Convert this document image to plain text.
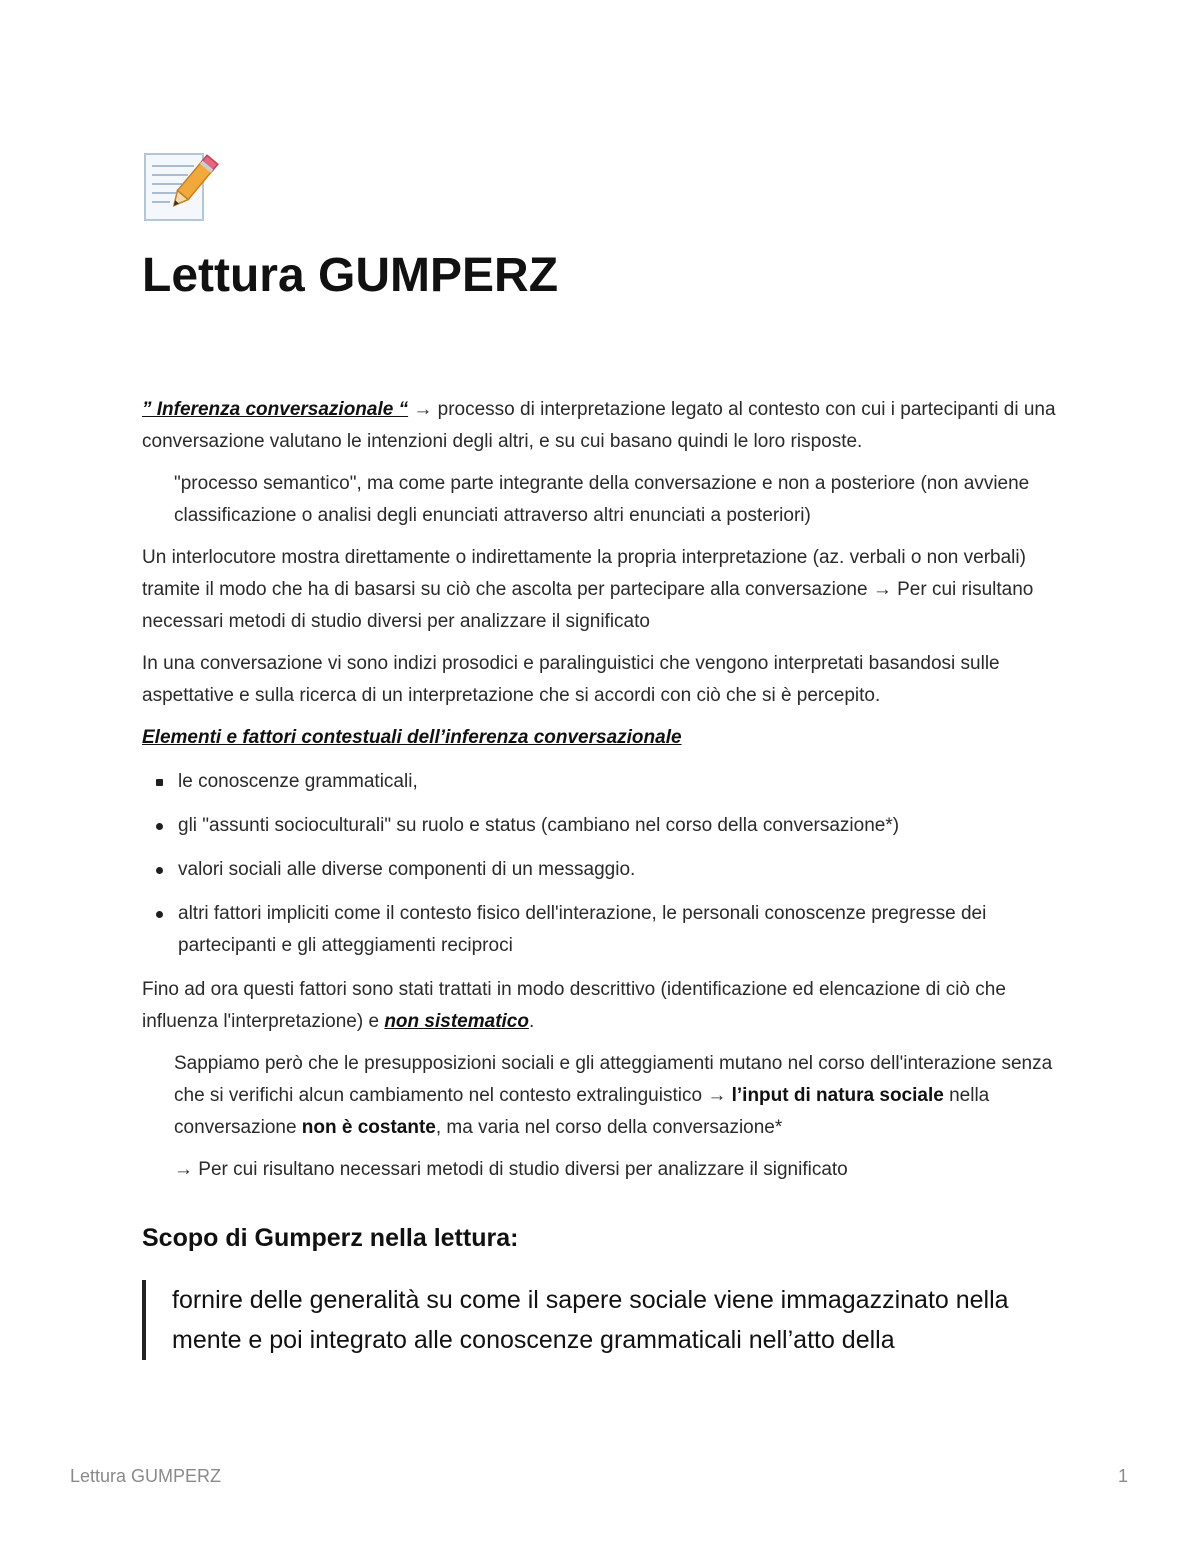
Lettura GUMPERZ

” Inferenza conversazionale “ → processo di interpretazione legato al contesto con cui i partecipanti di una conversazione valutano le intenzioni degli altri, e su cui basano quindi le loro risposte.

"processo semantico", ma come parte integrante della conversazione e non a posteriore (non avviene classificazione o analisi degli enunciati attraverso altri enunciati a posteriori)

Un interlocutore mostra direttamente o indirettamente la propria interpretazione (az. verbali o non verbali) tramite il modo che ha di basarsi su ciò che ascolta per partecipare alla conversazione → Per cui risultano necessari metodi di studio diversi per analizzare il significato

In una conversazione vi sono indizi prosodici e paralinguistici che vengono interpretati basandosi sulle aspettative e sulla ricerca di un interpretazione che si accordi con ciò che si è percepito.

Elementi e fattori contestuali dell’inferenza conversazionale

le conoscenze grammaticali,
gli "assunti socioculturali" su ruolo e status (cambiano nel corso della conversazione*)
valori sociali alle diverse componenti di un messaggio.
altri fattori impliciti come il contesto fisico dell'interazione, le personali conoscenze pregresse dei partecipanti e gli atteggiamenti reciproci

Fino ad ora questi fattori sono stati trattati in modo descrittivo (identificazione ed elencazione di ciò che influenza l'interpretazione) e non sistematico.

Sappiamo però che le presupposizioni sociali e gli atteggiamenti mutano nel corso dell'interazione senza che si verifichi alcun cambiamento nel contesto extralinguistico → l’input di natura sociale nella conversazione non è costante, ma varia nel corso della conversazione*

→ Per cui risultano necessari metodi di studio diversi per analizzare il significato

Scopo di Gumperz nella lettura:

fornire delle generalità su come il sapere sociale viene immagazzinato nella mente e poi integrato alle conoscenze grammaticali nell’atto della

Lettura GUMPERZ	1
